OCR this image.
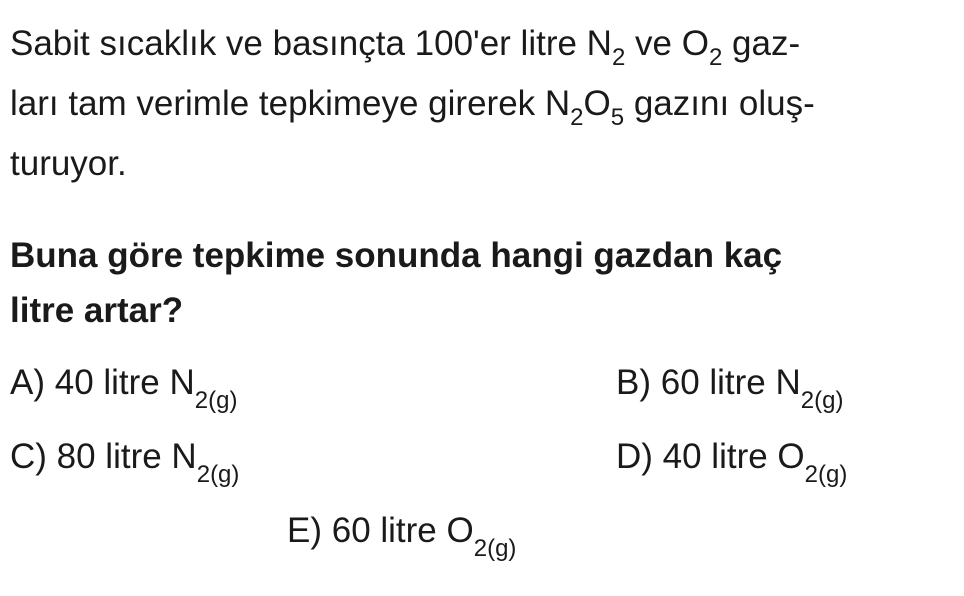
Sabit sıcaklık ve basınçta 100'er litre $N_2$ ve $O_2$ gaz-
ları tam verimle tepkimeye girerek $N_2O_5$ gazını oluş-
turuyor.
Buna göre tepkime sonunda hangi gazdan kaç
litre artar?
A) 40 litre $N_{2(g)}$	B) 60 litre $N_{2(g)}$
C) 80 litre $N_{2(g)}$	D) 40 litre $O_{2(g)}$
E) 60 litre $O_{2(g)}$
